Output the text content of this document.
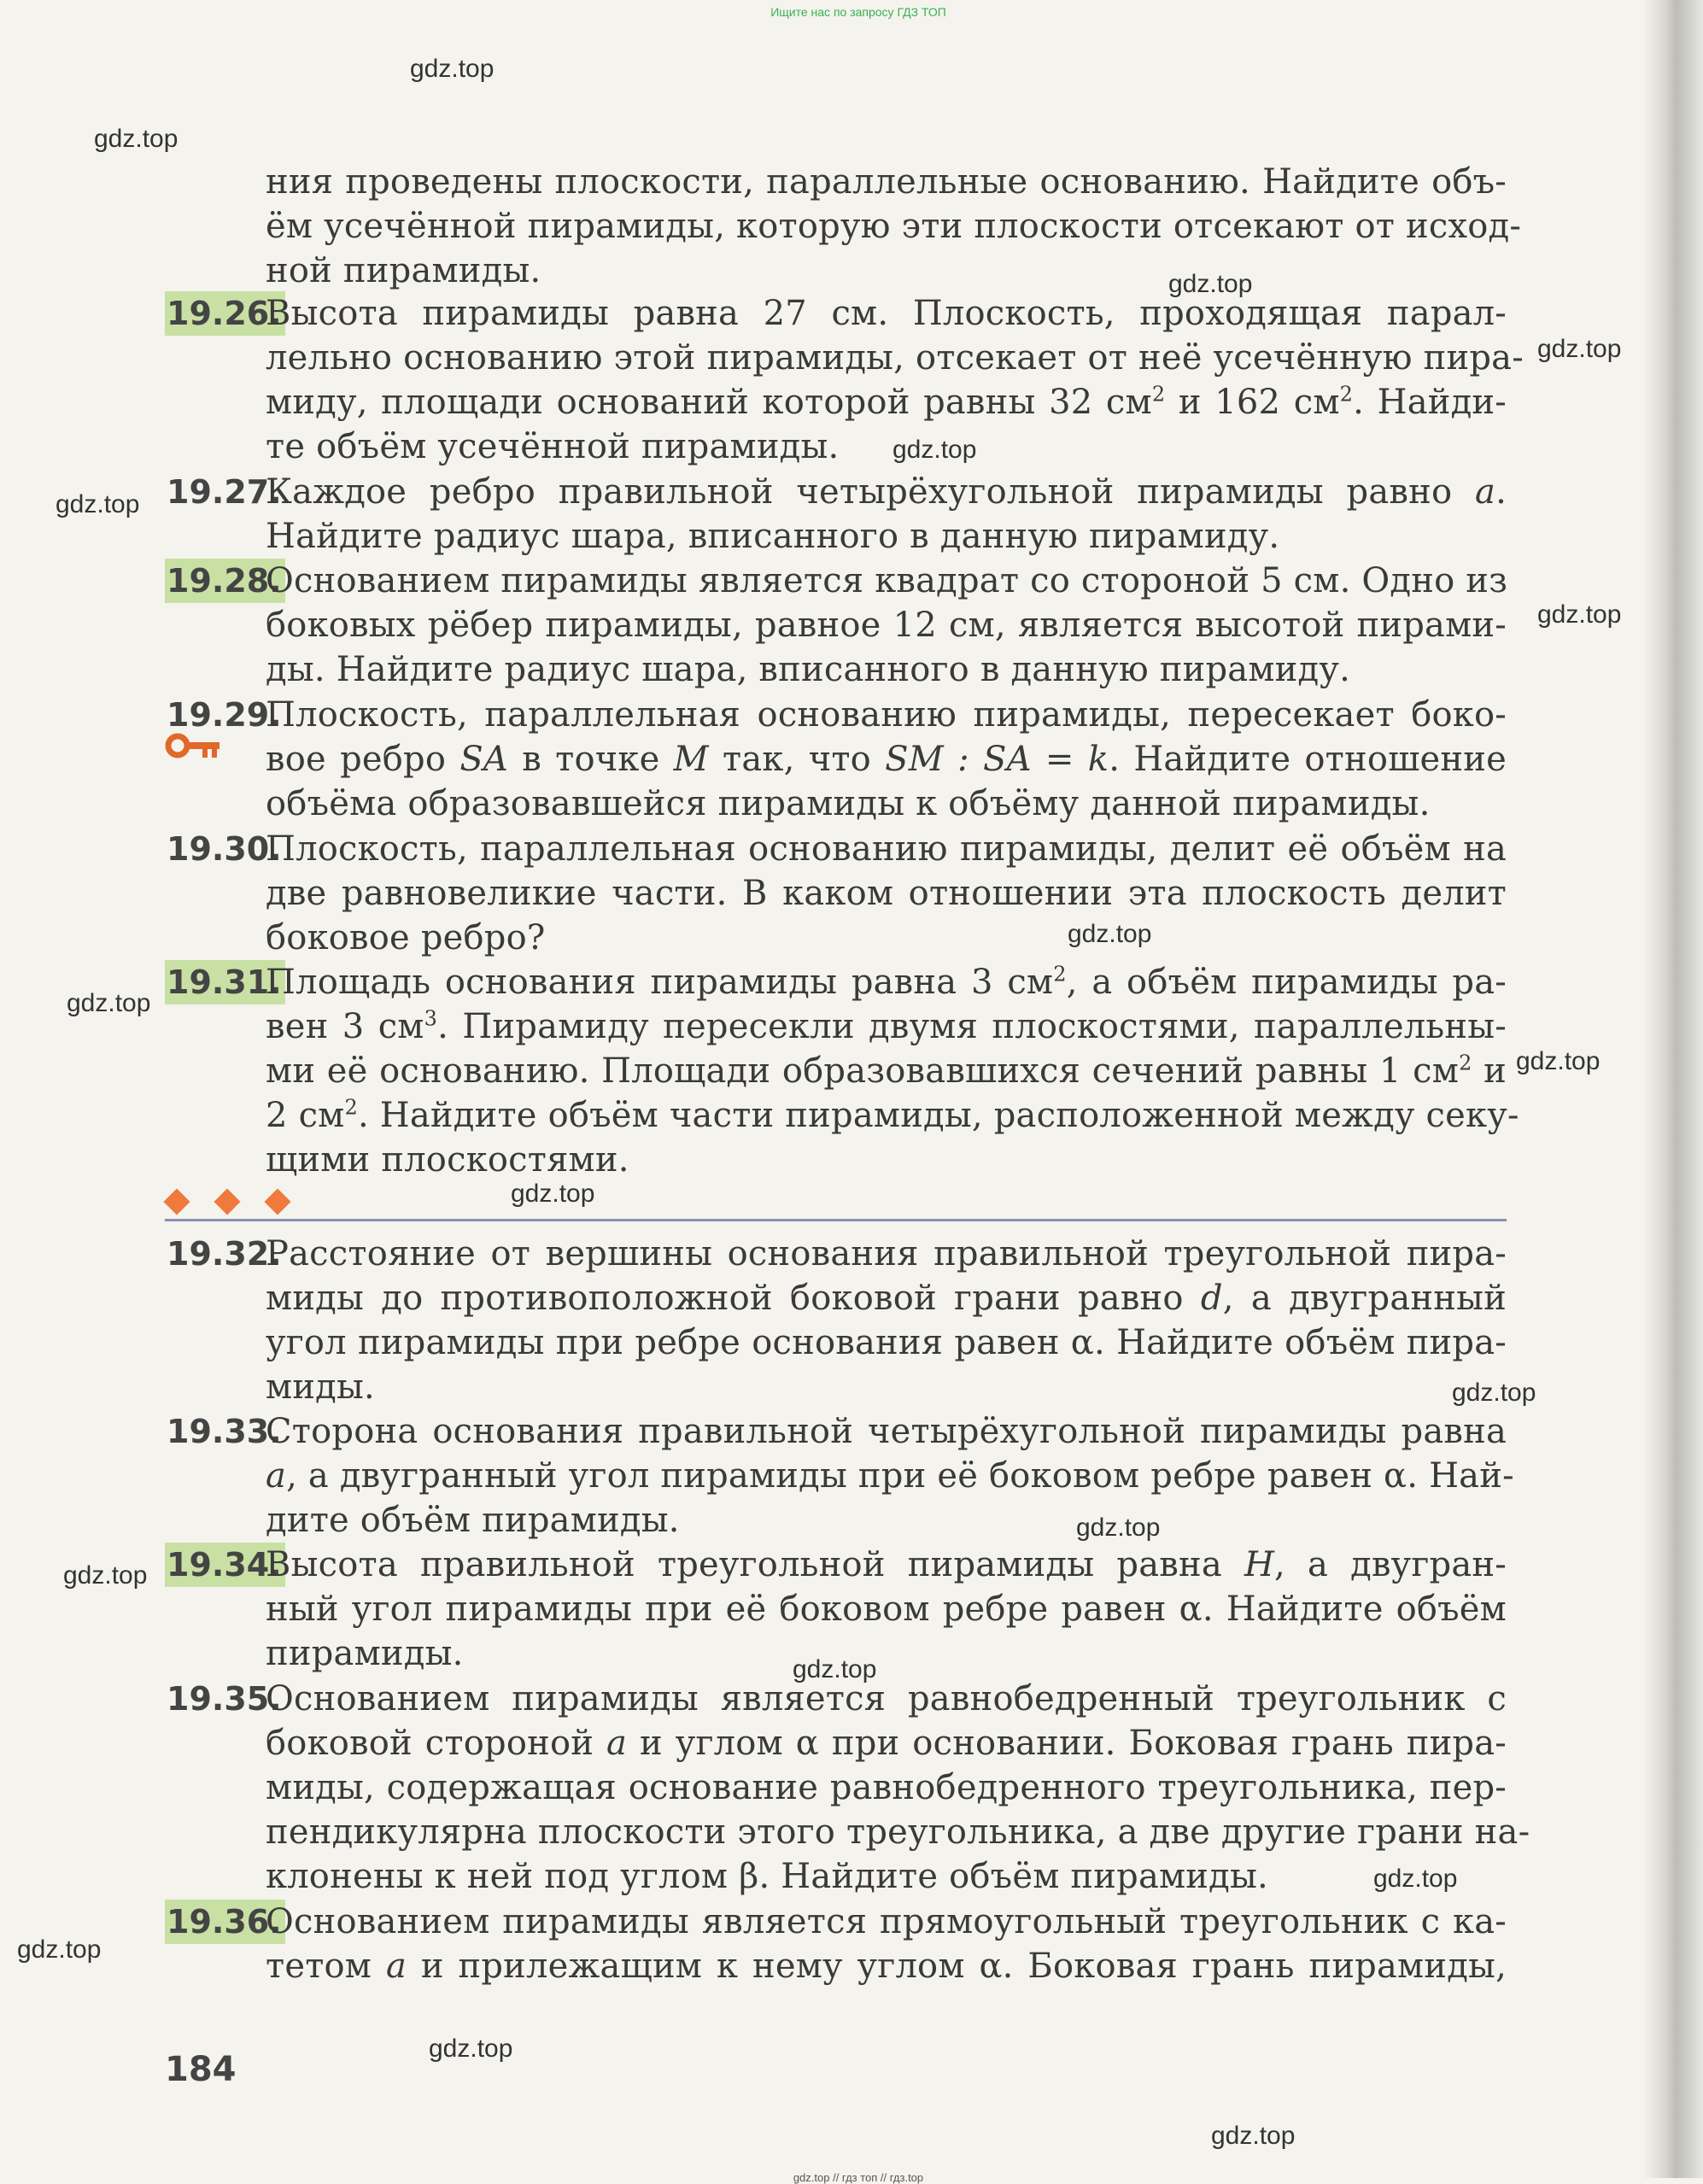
Ищите нас по запросу ГДЗ ТОП
ния проведены плоскости, параллельные основанию. Найдите объ-
ём усечённой пирамиды, которую эти плоскости отсекают от исход-
ной пирамиды.
19.26.
Высота пирамиды равна 27 см. Плоскость, проходящая парал-
лельно основанию этой пирамиды, отсекает от неё усечённую пира-
миду, площади оснований которой равны 32 $см^2$ и 162 $см^2$. Найди-
те объём усечённой пирамиды.
19.27.
Каждое ребро правильной четырёхугольной пирамиды равно a.
Найдите радиус шара, вписанного в данную пирамиду.
19.28.
Основанием пирамиды является квадрат со стороной 5 см. Одно из
боковых рёбер пирамиды, равное 12 см, является высотой пирами-
ды. Найдите радиус шара, вписанного в данную пирамиду.
19.29.
Плоскость, параллельная основанию пирамиды, пересекает боко-
вое ребро SA в точке M так, что SM : SA = k. Найдите отношение
объёма образовавшейся пирамиды к объёму данной пирамиды.
19.30.
Плоскость, параллельная основанию пирамиды, делит её объём на
две равновеликие части. В каком отношении эта плоскость делит
боковое ребро?
19.31.
Площадь основания пирамиды равна 3 $см^2$, а объём пирамиды ра-
вен 3 $см^3$. Пирамиду пересекли двумя плоскостями, параллельны-
ми её основанию. Площади образовавшихся сечений равны 1 $см^2$ и
2 $см^2$. Найдите объём части пирамиды, расположенной между секу-
щими плоскостями.
19.32.
Расстояние от вершины основания правильной треугольной пира-
миды до противоположной боковой грани равно d, а двугранный
угол пирамиды при ребре основания равен α. Найдите объём пира-
миды.
19.33.
Сторона основания правильной четырёхугольной пирамиды равна
a, а двугранный угол пирамиды при её боковом ребре равен α. Най-
дите объём пирамиды.
19.34.
Высота правильной треугольной пирамиды равна H, а двугран-
ный угол пирамиды при её боковом ребре равен α. Найдите объём
пирамиды.
19.35.
Основанием пирамиды является равнобедренный треугольник с
боковой стороной a и углом α при основании. Боковая грань пира-
миды, содержащая основание равнобедренного треугольника, пер-
пендикулярна плоскости этого треугольника, а две другие грани на-
клонены к ней под углом β. Найдите объём пирамиды.
19.36.
Основанием пирамиды является прямоугольный треугольник с ка-
тетом a и прилежащим к нему углом α. Боковая грань пирамиды,
184
gdz.top
gdz.top
gdz.top
gdz.top
gdz.top
gdz.top
gdz.top
gdz.top
gdz.top
gdz.top
gdz.top
gdz.top
gdz.top
gdz.top
gdz.top
gdz.top
gdz.top
gdz.top
gdz.top
gdz.top // гдз топ // гдз.top
